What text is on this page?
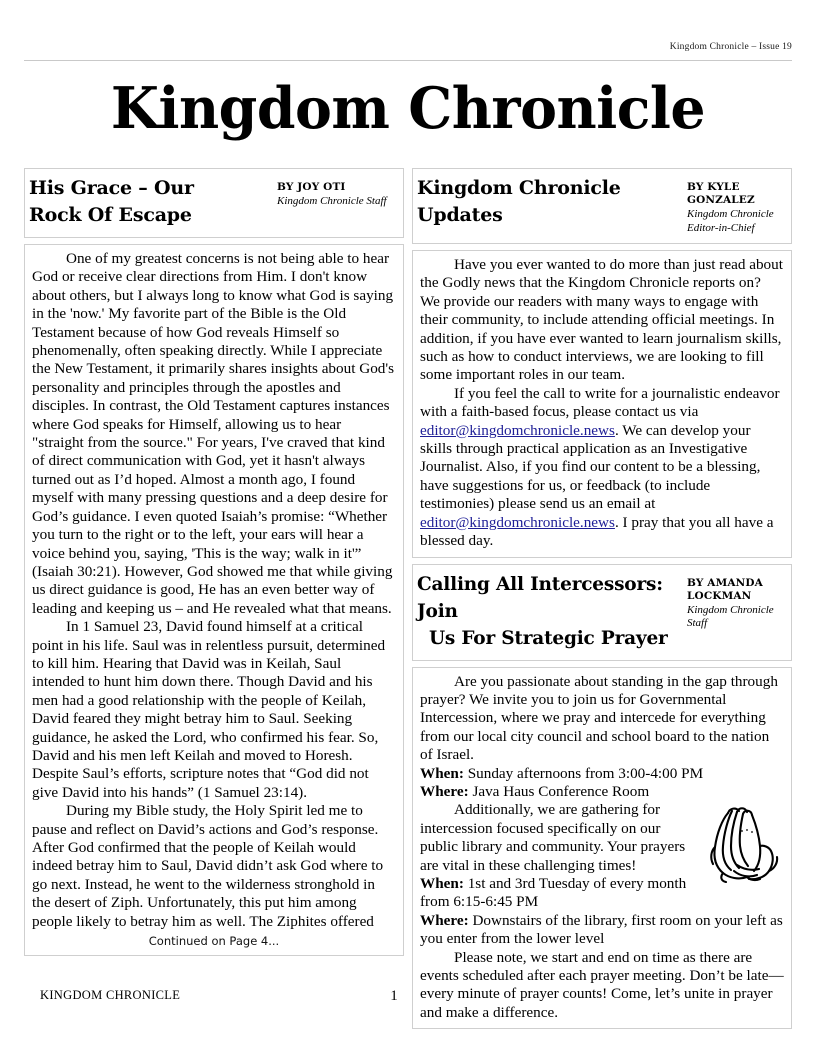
Kingdom Chronicle – Issue 19
Kingdom Chronicle
His Grace – Our
Rock Of Escape
BY JOY OTI
Kingdom Chronicle Staff

One of my greatest concerns is not being able to hear God or receive clear directions from Him. I don't know about others, but I always long to know what God is saying in the 'now.' My favorite part of the Bible is the Old Testament because of how God reveals Himself so phenomenally, often speaking directly. While I appreciate the New Testament, it primarily shares insights about God's personality and principles through the apostles and disciples. In contrast, the Old Testament captures instances where God speaks for Himself, allowing us to hear "straight from the source." For years, I've craved that kind of direct communication with God, yet it hasn't always turned out as I’d hoped. Almost a month ago, I found myself with many pressing questions and a deep desire for God’s guidance. I even quoted Isaiah’s promise: “Whether you turn to the right or to the left, your ears will hear a voice behind you, saying, 'This is the way; walk in it'” (Isaiah 30:21). However, God showed me that while giving us direct guidance is good, He has an even better way of leading and keeping us – and He revealed what that means.

In 1 Samuel 23, David found himself at a critical point in his life. Saul was in relentless pursuit, determined to kill him. Hearing that David was in Keilah, Saul intended to hunt him down there. Though David and his men had a good relationship with the people of Keilah, David feared they might betray him to Saul. Seeking guidance, he asked the Lord, who confirmed his fear. So, David and his men left Keilah and moved to Horesh. Despite Saul’s efforts, scripture notes that “God did not give David into his hands” (1 Samuel 23:14).

During my Bible study, the Holy Spirit led me to pause and reflect on David’s actions and God’s response. After God confirmed that the people of Keilah would indeed betray him to Saul, David didn’t ask God where to go next. Instead, he went to the wilderness stronghold in the desert of Ziph. Unfortunately, this put him among people likely to betray him as well. The Ziphites offered

Continued on Page 4...
Kingdom Chronicle
Updates
BY KYLE GONZALEZ
Kingdom Chronicle Editor-in-Chief

Have you ever wanted to do more than just read about the Godly news that the Kingdom Chronicle reports on? We provide our readers with many ways to engage with their community, to include attending official meetings. In addition, if you have ever wanted to learn journalism skills, such as how to conduct interviews, we are looking to fill some important roles in our team.

If you feel the call to write for a journalistic endeavor with a faith-based focus, please contact us via editor@kingdomchronicle.news. We can develop your skills through practical application as an Investigative Journalist. Also, if you find our content to be a blessing, have suggestions for us, or feedback (to include testimonies) please send us an email at editor@kingdomchronicle.news. I pray that you all have a blessed day.

Calling All Intercessors: Join
Us For Strategic Prayer
BY AMANDA LOCKMAN
Kingdom Chronicle Staff

Are you passionate about standing in the gap through prayer? We invite you to join us for Governmental Intercession, where we pray and intercede for everything from our local city council and school board to the nation of Israel.

When: Sunday afternoons from 3:00-4:00 PM

Where: Java Haus Conference Room

Additionally, we are gathering for intercession focused specifically on our public library and community. Your prayers are vital in these challenging times!

When: 1st and 3rd Tuesday of every month from 6:15-6:45 PM

Where: Downstairs of the library, first room on your left as you enter from the lower level

Please note, we start and end on time as there are events scheduled after each prayer meeting. Don’t be late—every minute of prayer counts! Come, let’s unite in prayer and make a difference.

KINGDOM CHRONICLE	1
